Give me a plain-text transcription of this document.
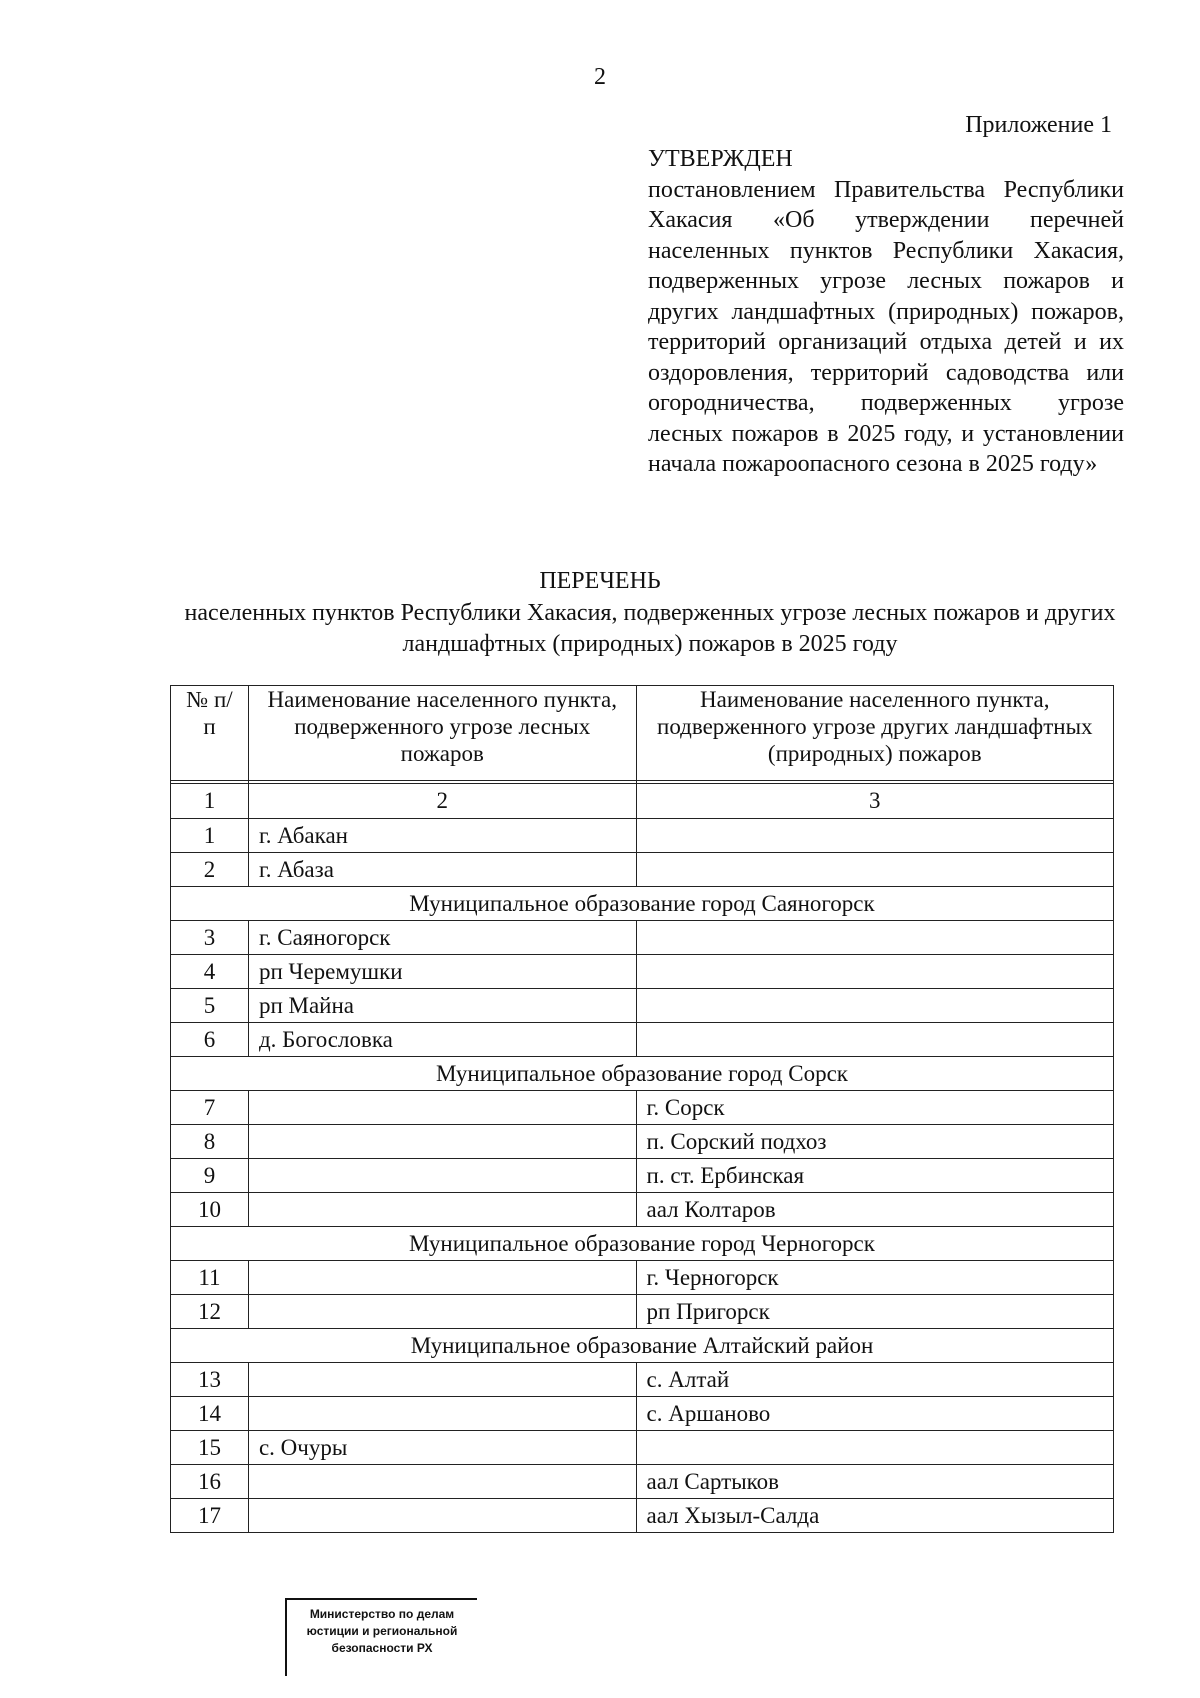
2
Приложение 1
УТВЕРЖДЕН
постановлением Правительства Республики Хакасия «Об утверждении перечней населенных пунктов Республики Хакасия, подверженных угрозе лесных пожаров и других ландшафтных (природных) пожаров, территорий организаций отдыха детей и их оздоровления, территорий садоводства или огородничества, подверженных угрозе лесных пожаров в 2025 году, и установлении начала пожароопасного сезона в 2025 году»
ПЕРЕЧЕНЬ
населенных пунктов Республики Хакасия, подверженных угрозе лесных пожаров и других ландшафтных (природных) пожаров в 2025 году
№ п/п	Наименование населенного пункта, подверженного угрозе лесных пожаров	Наименование населенного пункта, подверженного угрозе других ландшафтных (природных) пожаров

1	2	3
1	г. Абакан	
2	г. Абаза	
Муниципальное образование город Саяногорск		
3	г. Саяногорск	
4	рп Черемушки	
5	рп Майна	
6	д. Богословка	
Муниципальное образование город Сорск		
7		г. Сорск
8		п. Сорский подхоз
9		п. ст. Ербинская
10		аал Колтаров
Муниципальное образование город Черногорск		
11		г. Черногорск
12		рп Пригорск
Муниципальное образование Алтайский район		
13		с. Алтай
14		с. Аршаново
15	с. Очуры	
16		аал Сартыков
17		аал Хызыл-Салда
Министерство по делам
юстиции и региональной
безопасности РХ
